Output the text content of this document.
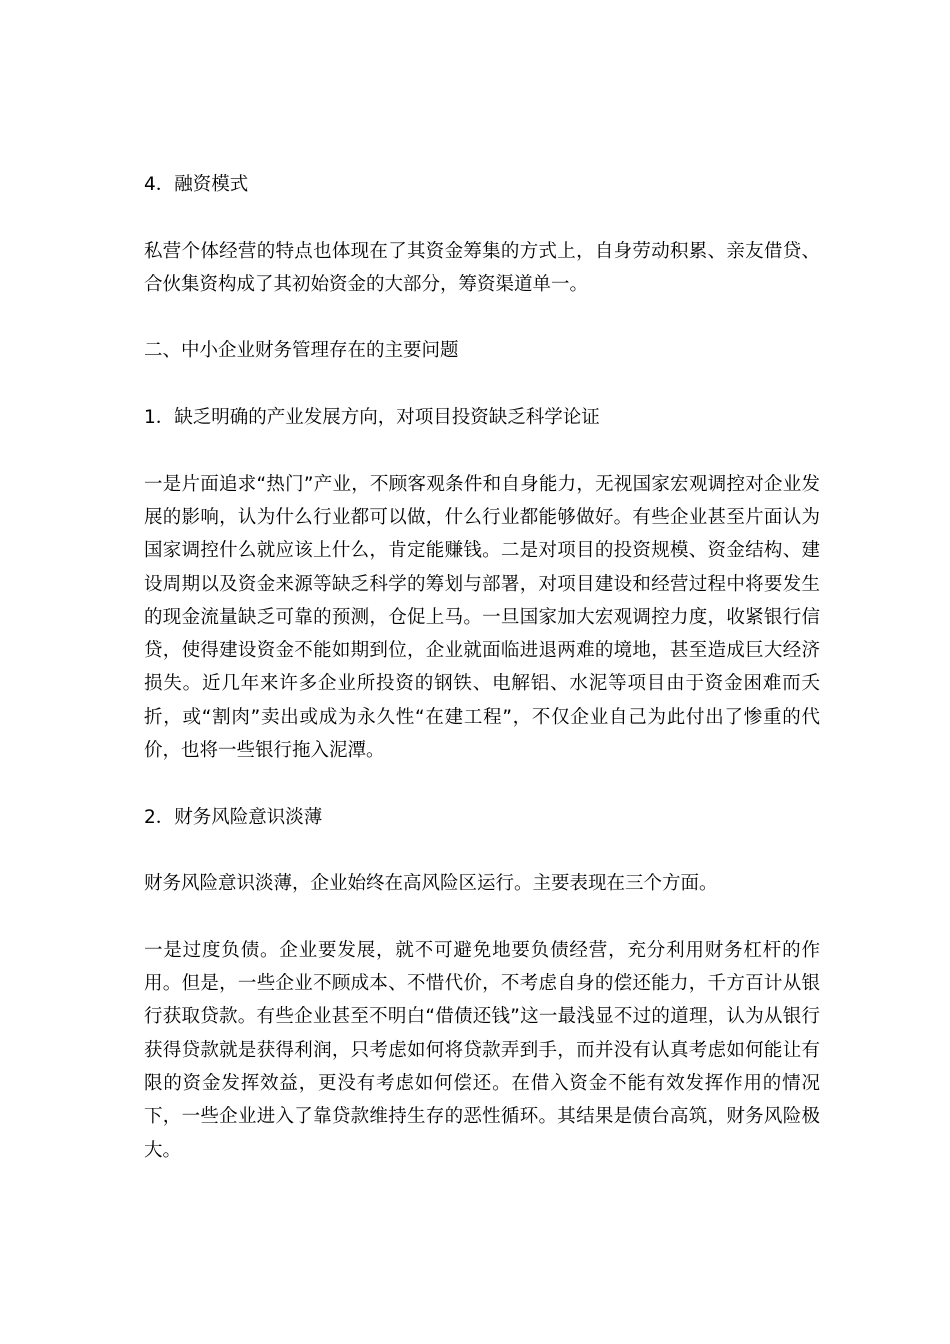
4．融资模式

私营个体经营的特点也体现在了其资金筹集的方式上，自身劳动积累、亲友借贷、合伙集资构成了其初始资金的大部分，筹资渠道单一。

二、中小企业财务管理存在的主要问题

1．缺乏明确的产业发展方向，对项目投资缺乏科学论证

一是片面追求“热门”产业，不顾客观条件和自身能力，无视国家宏观调控对企业发展的影响，认为什么行业都可以做，什么行业都能够做好。有些企业甚至片面认为国家调控什么就应该上什么，肯定能赚钱。二是对项目的投资规模、资金结构、建设周期以及资金来源等缺乏科学的筹划与部署，对项目建设和经营过程中将要发生的现金流量缺乏可靠的预测，仓促上马。一旦国家加大宏观调控力度，收紧银行信贷，使得建设资金不能如期到位，企业就面临进退两难的境地，甚至造成巨大经济损失。近几年来许多企业所投资的钢铁、电解铝、水泥等项目由于资金困难而夭折，或“割肉”卖出或成为永久性“在建工程”，不仅企业自己为此付出了惨重的代价，也将一些银行拖入泥潭。

2．财务风险意识淡薄

财务风险意识淡薄，企业始终在高风险区运行。主要表现在三个方面。

一是过度负债。企业要发展，就不可避免地要负债经营，充分利用财务杠杆的作用。但是，一些企业不顾成本、不惜代价，不考虑自身的偿还能力，千方百计从银行获取贷款。有些企业甚至不明白“借债还钱”这一最浅显不过的道理，认为从银行获得贷款就是获得利润，只考虑如何将贷款弄到手，而并没有认真考虑如何能让有限的资金发挥效益，更没有考虑如何偿还。在借入资金不能有效发挥作用的情况下，一些企业进入了靠贷款维持生存的恶性循环。其结果是债台高筑，财务风险极大。
